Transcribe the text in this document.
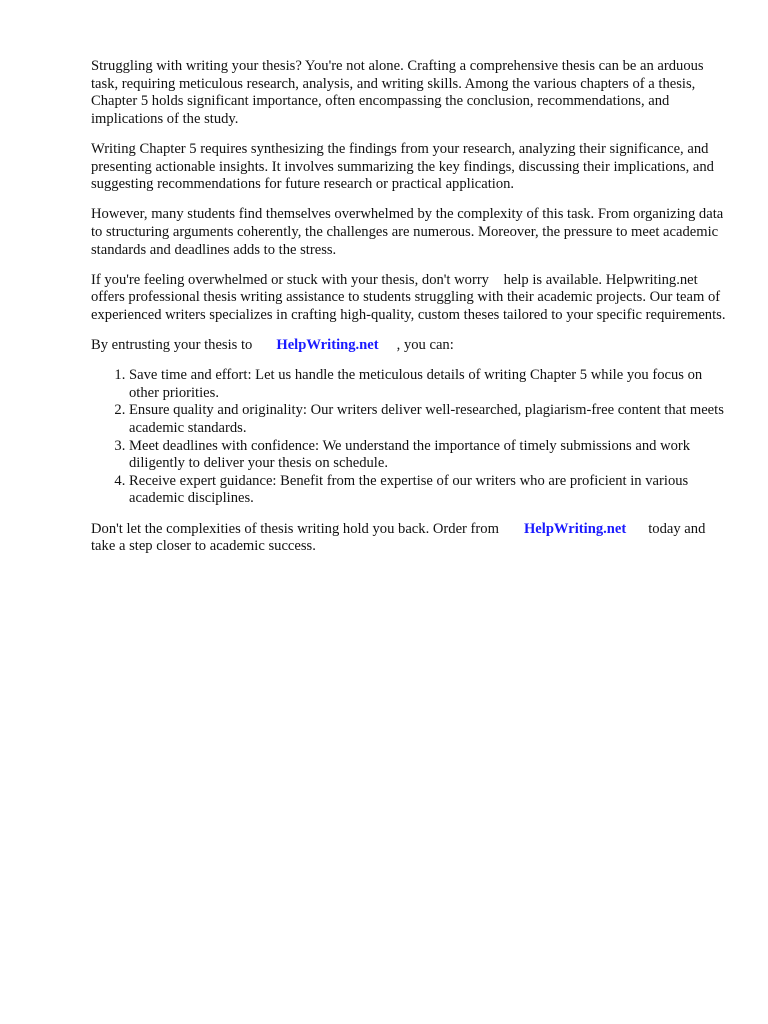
Struggling with writing your thesis? You're not alone. Crafting a comprehensive thesis can be an arduous task, requiring meticulous research, analysis, and writing skills. Among the various chapters of a thesis, Chapter 5 holds significant importance, often encompassing the conclusion, recommendations, and implications of the study.

Writing Chapter 5 requires synthesizing the findings from your research, analyzing their significance, and presenting actionable insights. It involves summarizing the key findings, discussing their implications, and suggesting recommendations for future research or practical application.

However, many students find themselves overwhelmed by the complexity of this task. From organizing data to structuring arguments coherently, the challenges are numerous. Moreover, the pressure to meet academic standards and deadlines adds to the stress.

If you're feeling overwhelmed or stuck with your thesis, don't worry    help is available. Helpwriting.net offers professional thesis writing assistance to students struggling with their academic projects. Our team of experienced writers specializes in crafting high-quality, custom theses tailored to your specific requirements.

By entrusting your thesis to HelpWriting.net , you can:

1. Save time and effort: Let us handle the meticulous details of writing Chapter 5 while you focus on other priorities.
2. Ensure quality and originality: Our writers deliver well-researched, plagiarism-free content that meets academic standards.
3. Meet deadlines with confidence: We understand the importance of timely submissions and work diligently to deliver your thesis on schedule.
4. Receive expert guidance: Benefit from the expertise of our writers who are proficient in various academic disciplines.

Don't let the complexities of thesis writing hold you back. Order from HelpWriting.net today and take a step closer to academic success.
